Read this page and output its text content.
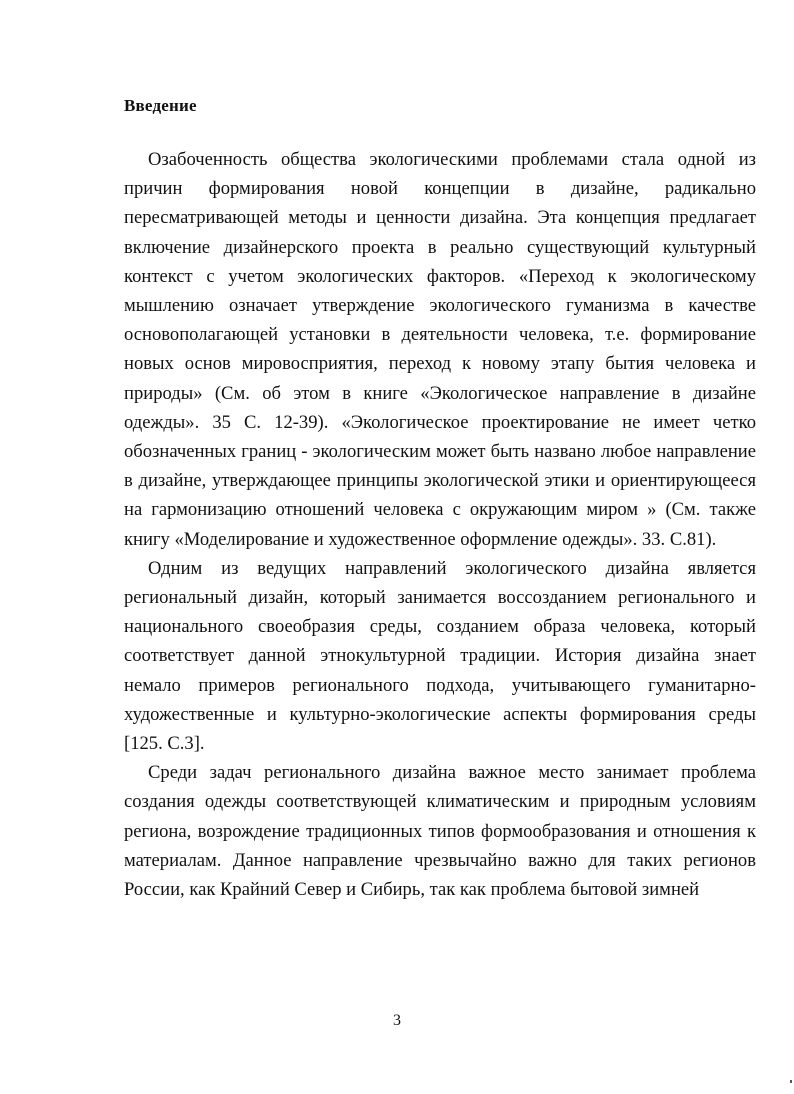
Введение

Озабоченность общества экологическими проблемами стала одной из причин формирования новой концепции в дизайне, радикально пересматривающей методы и ценности дизайна. Эта концепция предлагает включение дизайнерского проекта в реально существующий культурный контекст с учетом экологических факторов. «Переход к экологическому мышлению означает утверждение экологического гуманизма в качестве основополагающей установки в деятельности человека, т.е. формирование новых основ мировосприятия, переход к новому этапу бытия человека и природы» (См. об этом в книге «Экологическое направление в дизайне одежды». 35 С. 12-39). «Экологическое проектирование не имеет четко обозначенных границ - экологическим может быть названо любое направление в дизайне, утверждающее принципы экологической этики и ориентирующееся на гармонизацию отношений человека с окружающим миром » (См. также книгу «Моделирование и художественное оформление одежды». 33. С.81).

Одним из ведущих направлений экологического дизайна является региональный дизайн, который занимается воссозданием регионального и национального своеобразия среды, созданием образа человека, который соответствует данной этнокультурной традиции. История дизайна знает немало примеров регионального подхода, учитывающего гуманитарно-художественные и культурно-экологические аспекты формирования среды [125. С.3].

Среди задач регионального дизайна важное место занимает проблема создания одежды соответствующей климатическим и природным условиям региона, возрождение традиционных типов формообразования и отношения к материалам. Данное направление чрезвычайно важно для таких регионов России, как Крайний Север и Сибирь, так как проблема бытовой зимней

3
